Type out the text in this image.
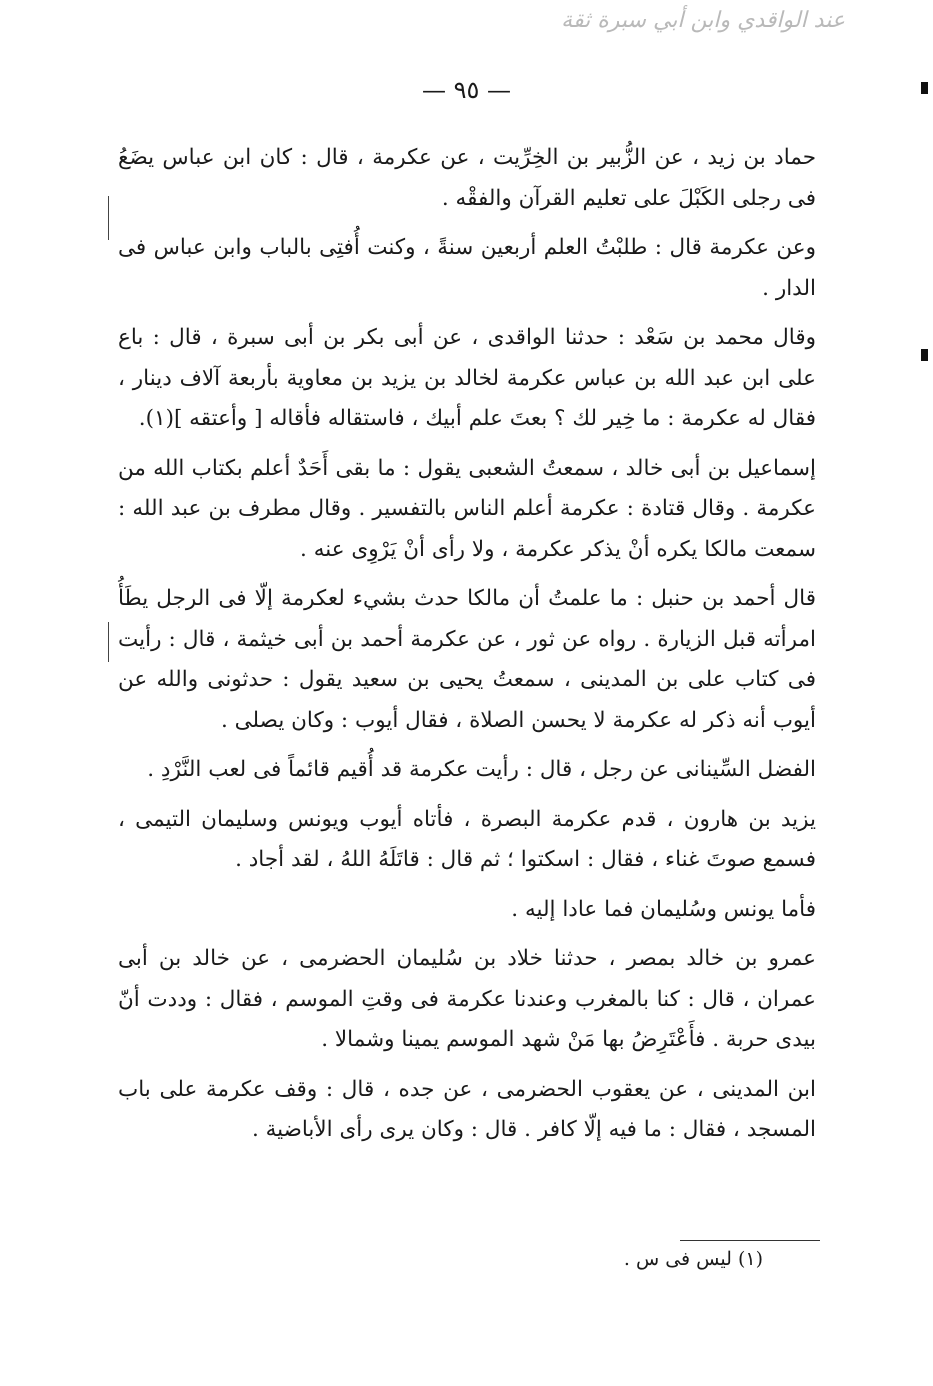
عند الواقدي وابن أبي سبرة ثقة
— ٩٥ —

حماد بن زيد ، عن الزُّبير بن الخِرِّيت ، عن عكرمة ، قال : كان ابن عباس يضَعُ فى رجلى الكَبْلَ على تعليم القرآن والفقْه .

وعن عكرمة قال : طلبْتُ العلم أربعين سنةً ، وكنت أُفتِى بالباب وابن عباس فى الدار .

وقال محمد بن سَعْد : حدثنا الواقدى ، عن أبى بكر بن أبى سبرة ، قال : باع على ابن عبد الله بن عباس عكرمة لخالد بن يزيد بن معاوية بأربعة آلاف دينار ، فقال له عكرمة : ما خِير لك ؟ بعتَ علم أبيك ، فاستقاله فأقاله [ وأعتقه ](١).

إسماعيل بن أبى خالد ، سمعتُ الشعبى يقول : ما بقى أَحَدٌ أعلم بكتاب الله من عكرمة . وقال قتادة : عكرمة أعلم الناس بالتفسير . وقال مطرف بن عبد الله : سمعت مالكا يكره أنْ يذكر عكرمة ، ولا رأى أنْ يَرْوِى عنه .

قال أحمد بن حنبل : ما علمتُ أن مالكا حدث بشيء لعكرمة إلّا فى الرجل يطَأُ امرأته قبل الزيارة . رواه عن ثور ، عن عكرمة أحمد بن أبى خيثمة ، قال : رأيت فى كتاب على بن المدينى ، سمعتُ يحيى بن سعيد يقول : حدثونى والله عن أيوب أنه ذكر له عكرمة لا يحسن الصلاة ، فقال أيوب : وكان يصلى .

الفضل السِّينانى عن رجل ، قال : رأيت عكرمة قد أُقيم قائماً فى لعب النَّرْدِ .

يزيد بن هارون ، قدم عكرمة البصرة ، فأتاه أيوب ويونس وسليمان التيمى ، فسمع صوتَ غناء ، فقال : اسكتوا ؛ ثم قال : قاتَلَهُ اللهُ ، لقد أجاد .

فأما يونس وسُليمان فما عادا إليه .

عمرو بن خالد بمصر ، حدثنا خلاد بن سُليمان الحضرمى ، عن خالد بن أبى عمران ، قال : كنا بالمغرب وعندنا عكرمة فى وقتِ الموسم ، فقال : وددت أنّ بيدى حربة . فأَعْتَرِضُ بها مَنْ شهد الموسم يمينا وشمالا .

ابن المدينى ، عن يعقوب الحضرمى ، عن جده ، قال : وقف عكرمة على باب المسجد ، فقال : ما فيه إلّا كافر . قال : وكان يرى رأى الأباضية .

(١) ليس فى س .
